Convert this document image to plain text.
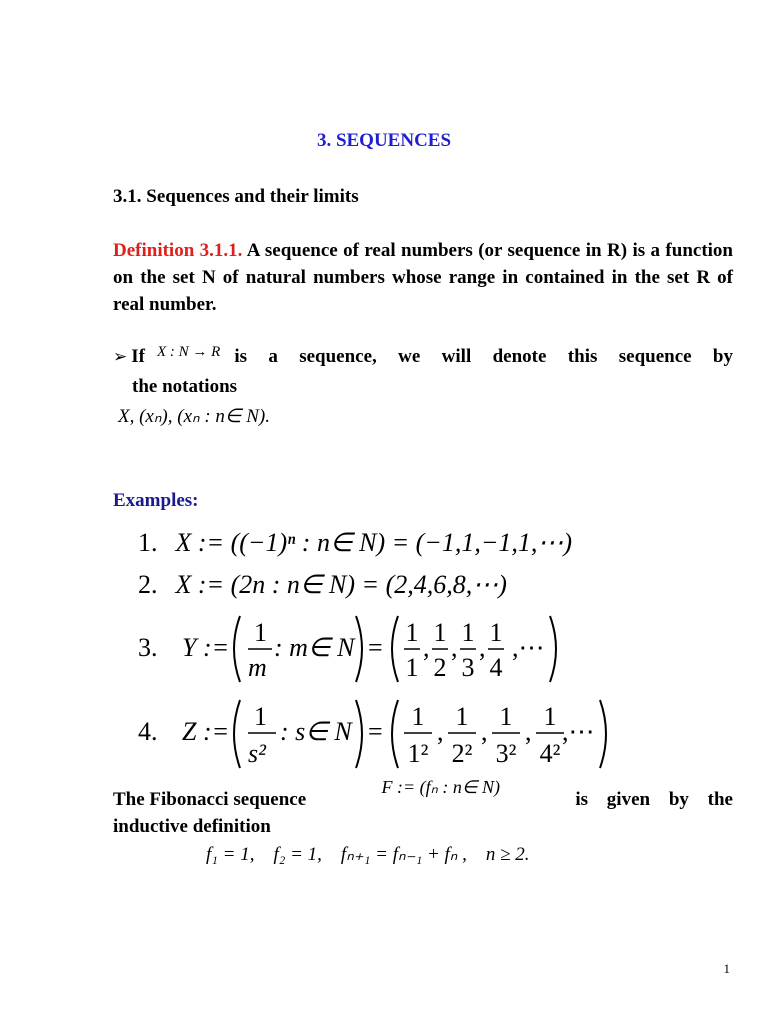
3. SEQUENCES
3.1. Sequences and their limits
Definition 3.1.1. A sequence of real numbers (or sequence in R) is a function on the set N of natural numbers whose range in contained in the set R of real number.
➢ If X : N → R is a sequence, we will denote this sequence by
the notations
X, (xₙ), (xₙ : n∈ N).
Examples:
1. X := ((−1)ⁿ : n∈ N) = (−1,1,−1,1,⋯)
2. X := (2n : n∈ N) = (2,4,6,8,⋯)
3. Y :=
1
m
: m∈ N =
1
1
,
1
2
,
1
3
,
1
4
,⋯
4. Z :=
1
s²
: s∈ N =
1
1²
,
1
2²
,
1
3²
,
1
4²
,⋯
The Fibonacci sequence
F := (fₙ : n∈ N)
is given by the
inductive definition
f₁ = 1,    f₂ = 1,    fₙ₊₁ = fₙ₋₁ + fₙ ,    n ≥ 2.
1
